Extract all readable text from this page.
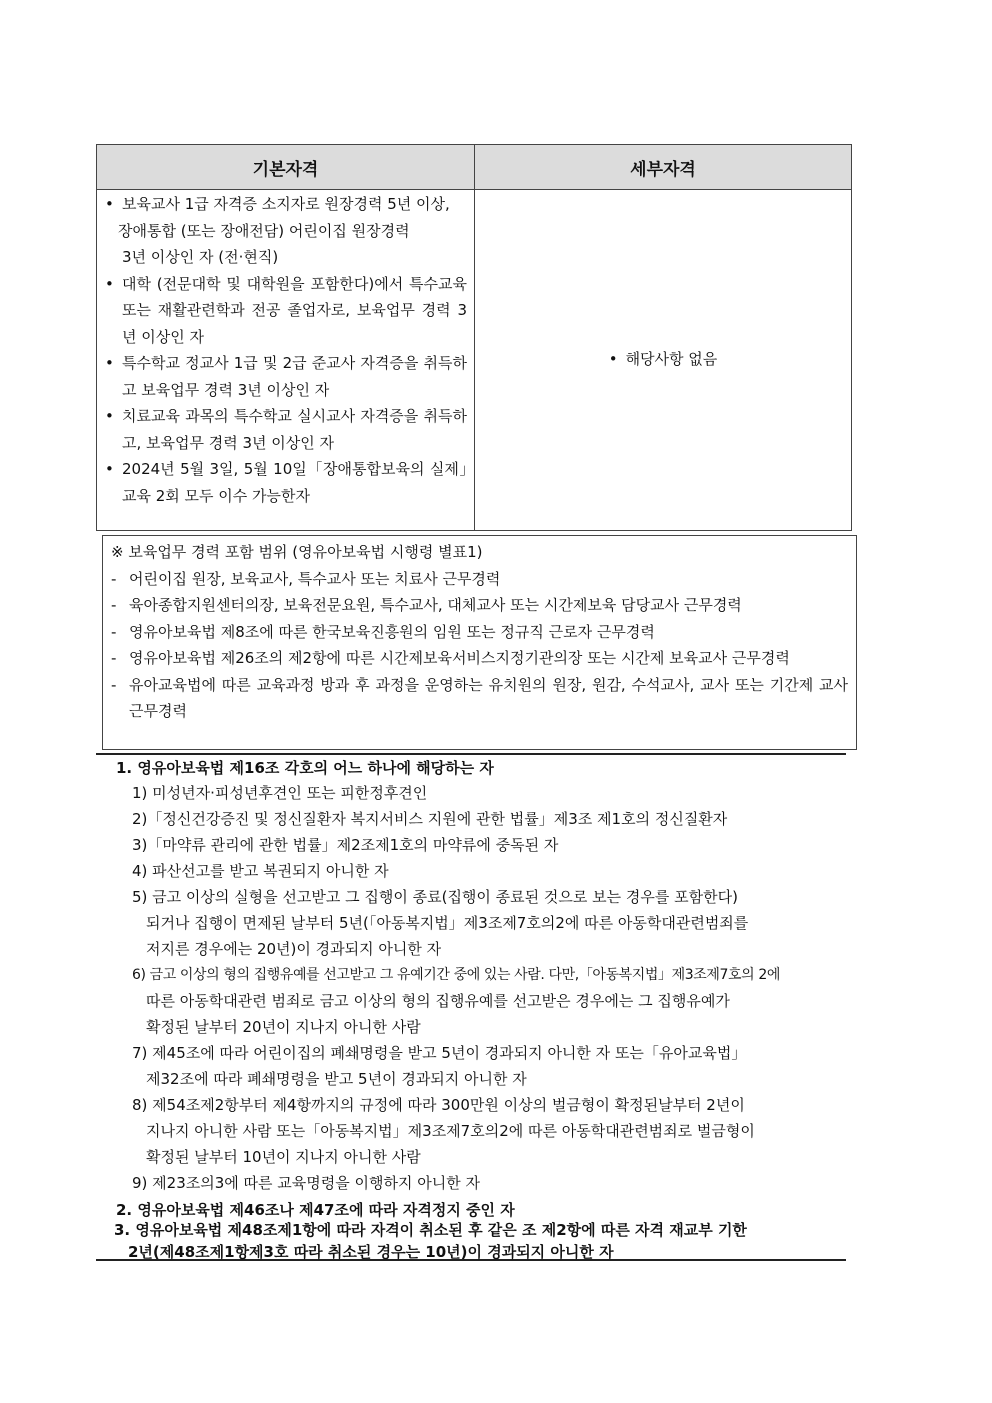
기본자격	세부자격
• 보육교사 1급 자격증 소지자로 원장경력 5년 이상,

장애통합 (또는 장애전담) 어린이집 원장경력
3년 이상인 자 (전·현직)
• 대학 (전문대학 및 대학원을 포함한다)에서 특수교육 또는 재활관련학과 전공 졸업자로, 보육업무 경력 3년 이상인 자
• 특수학교 정교사 1급 및 2급 준교사 자격증을 취득하고 보육업무 경력 3년 이상인 자
• 치료교육 과목의 특수학교 실시교사 자격증을 취득하고, 보육업무 경력 3년 이상인 자
• 2024년 5월 3일, 5월 10일「장애통합보육의 실제」교육 2회 모두 이수 가능한자
• 해당사항 없음
※ 보육업무 경력 포함 범위 (영유아보육법 시행령 별표1)
- 어린이집 원장, 보육교사, 특수교사 또는 치료사 근무경력
- 육아종합지원센터의장, 보육전문요원, 특수교사, 대체교사 또는 시간제보육 담당교사 근무경력
- 영유아보육법 제8조에 따른 한국보육진흥원의 임원 또는 정규직 근로자 근무경력
- 영유아보육법 제26조의 제2항에 따른 시간제보육서비스지정기관의장 또는 시간제 보육교사 근무경력
- 유아교육법에 따른 교육과정 방과 후 과정을 운영하는 유치원의 원장, 원감, 수석교사, 교사 또는 기간제 교사 근무경력
1. 영유아보육법 제16조 각호의 어느 하나에 해당하는 자
1) 미성년자·피성년후견인 또는 피한정후견인
2)「정신건강증진 및 정신질환자 복지서비스 지원에 관한 법률」제3조 제1호의 정신질환자
3)「마약류 관리에 관한 법률」제2조제1호의 마약류에 중독된 자
4) 파산선고를 받고 복권되지 아니한 자
5) 금고 이상의 실형을 선고받고 그 집행이 종료(집행이 종료된 것으로 보는 경우를 포함한다)
되거나 집행이 면제된 날부터 5년(「아동복지법」제3조제7호의2에 따른 아동학대관련범죄를
저지른 경우에는 20년)이 경과되지 아니한 자
6) 금고 이상의 형의 집행유예를 선고받고 그 유예기간 중에 있는 사람. 다만,「아동복지법」제3조제7호의 2에
따른 아동학대관련 범죄로 금고 이상의 형의 집행유예를 선고받은 경우에는 그 집행유예가
확정된 날부터 20년이 지나지 아니한 사람
7) 제45조에 따라 어린이집의 폐쇄명령을 받고 5년이 경과되지 아니한 자 또는「유아교육법」
제32조에 따라 폐쇄명령을 받고 5년이 경과되지 아니한 자
8) 제54조제2항부터 제4항까지의 규정에 따라 300만원 이상의 벌금형이 확정된날부터 2년이
지나지 아니한 사람 또는「아동복지법」제3조제7호의2에 따른 아동학대관련범죄로 벌금형이
확정된 날부터 10년이 지나지 아니한 사람
9) 제23조의3에 따른 교육명령을 이행하지 아니한 자
2. 영유아보육법 제46조나 제47조에 따라 자격정지 중인 자
3. 영유아보육법 제48조제1항에 따라 자격이 취소된 후 같은 조 제2항에 따른 자격 재교부 기한
2년(제48조제1항제3호 따라 취소된 경우는 10년)이 경과되지 아니한 자
